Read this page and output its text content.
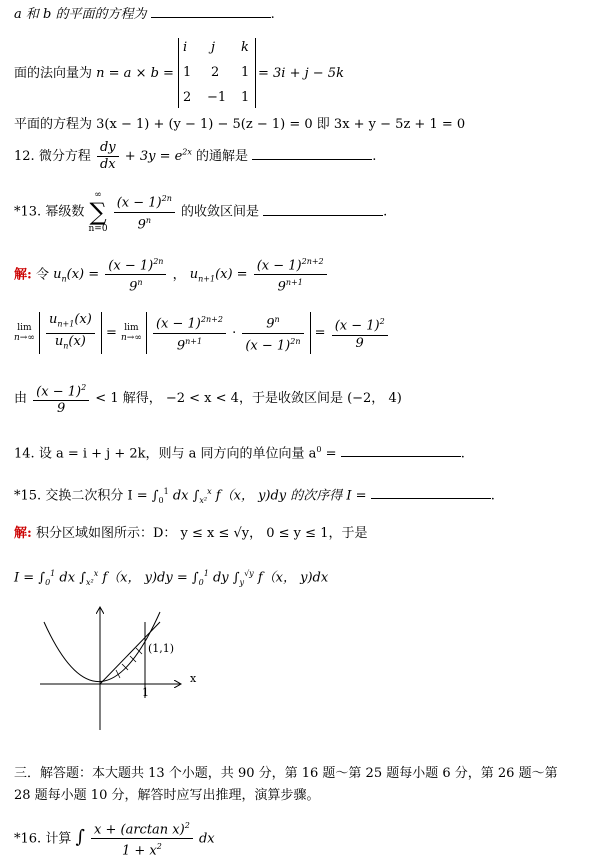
a 和 b 的平面的方程为	.
面的法向量为 n = a × b =
i j k
1 2 1
2 −1 1
= 3i + j − 5k
平面的方程为 3(x − 1) + (y − 1) − 5(z − 1) = 0 即 3x + y − 5z + 1 = 0
12. 微分方程 $\frac{dy}{dx} + 3y = e^{2x}$ 的通解是	.
*13. 幂级数
∞
∑
n=0
$\frac{(x - 1)^{2n}}{9^n}$ 的收敛区间是	.
解: 令 $u_n(x) = \frac{(x - 1)^{2n}}{9^n}$ ， $u_{n+1}(x) = \frac{(x - 1)^{2n+2}}{9^{n+1}}$
lim
n→∞
$\frac{u_{n+1}(x)}{u_n(x)} = \lim$
n→∞
$\frac{(x - 1)^{2n+2}}{9^{n+1}} \cdot \frac{9^n}{(x - 1)^{2n}} = \frac{(x - 1)^2}{9}$
由 $\frac{(x - 1)^2}{9} < 1$ 解得， −2 < x < 4，于是收敛区间是 (−2， 4)
14. 设 a = i + j + 2k，则与 a 同方向的单位向量 $a^0$ =	.
*15. 交换二次积分 $I = \int_0^1$ dx $\int_{x^2}^x$ f（x， y)dy 的次序得 I =	.
解: 积分区域如图所示：D： y ≤ x ≤ √y， 0 ≤ y ≤ 1，于是
$I = \int_0^1$ dx $\int_{x^2}^x$ f（x， $y)dy = \int_0^1$ dy $\int_y^{√y}$ f（x， y)dx
(1,1)
x
1
三．解答题：本大题共 13 个小题，共 90 分，第 16 题～第 25 题每小题 6 分，第 26 题～第
28 题每小题 10 分，解答时应写出推理，演算步骤。
*16. 计算 ∫ $\frac{x + (\arctan x)^2}{1 + x^2}$ dx
